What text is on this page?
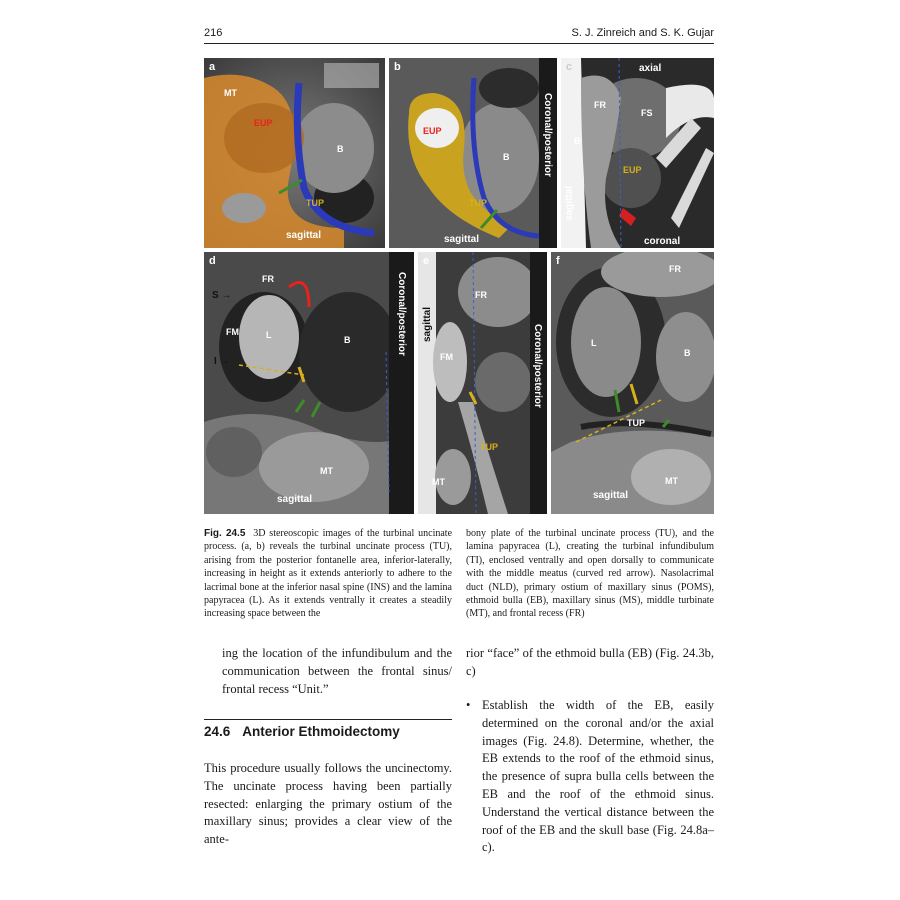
216	S. J. Zinreich and S. K. Gujar
a
MT
EUP
B
TUP
sagittal
b
EUP
B
TUP
sagittal
Coronal/posterior
c	axial
FR
FS
B
EUP
sagittal
coronal
d
FR
FM	L	B
MT
sagittal
Coronal/posterior
S →
I →
e
FR
FM
TUP
MT
sagittal	Coronal/posterior
f
FR
L
B
TUP
MT
sagittal
Fig. 24.5 3D stereoscopic images of the turbinal uncinate process. (a, b) reveals the turbinal uncinate process (TU), arising from the posterior fontanelle area, inferior-laterally, increasing in height as it extends anteriorly to adhere to the lacrimal bone at the inferior nasal spine (INS) and the lamina papyracea (L). As it extends ventrally it creates a steadily increasing space between the
bony plate of the turbinal uncinate process (TU), and the lamina papyracea (L), creating the turbinal infundibulum (TI), enclosed ventrally and open dorsally to communicate with the middle meatus (curved red arrow). Nasolacrimal duct (NLD), primary ostium of maxillary sinus (POMS), ethmoid bulla (EB), maxillary sinus (MS), middle turbinate (MT), and frontal recess (FR)
ing the location of the infundibulum and the communication between the frontal sinus/ frontal recess “Unit.”
24.6 Anterior Ethmoidectomy
This procedure usually follows the uncinectomy. The uncinate process having been partially resected: enlarging the primary ostium of the maxillary sinus; provides a clear view of the ante-
rior “face” of the ethmoid bulla (EB) (Fig. 24.3b, c)
• Establish the width of the EB, easily determined on the coronal and/or the axial images (Fig. 24.8). Determine, whether, the EB extends to the roof of the ethmoid sinus, the presence of supra bulla cells between the EB and the roof of the ethmoid sinus. Understand the vertical distance between the roof of the EB and the skull base (Fig. 24.8a–c).
